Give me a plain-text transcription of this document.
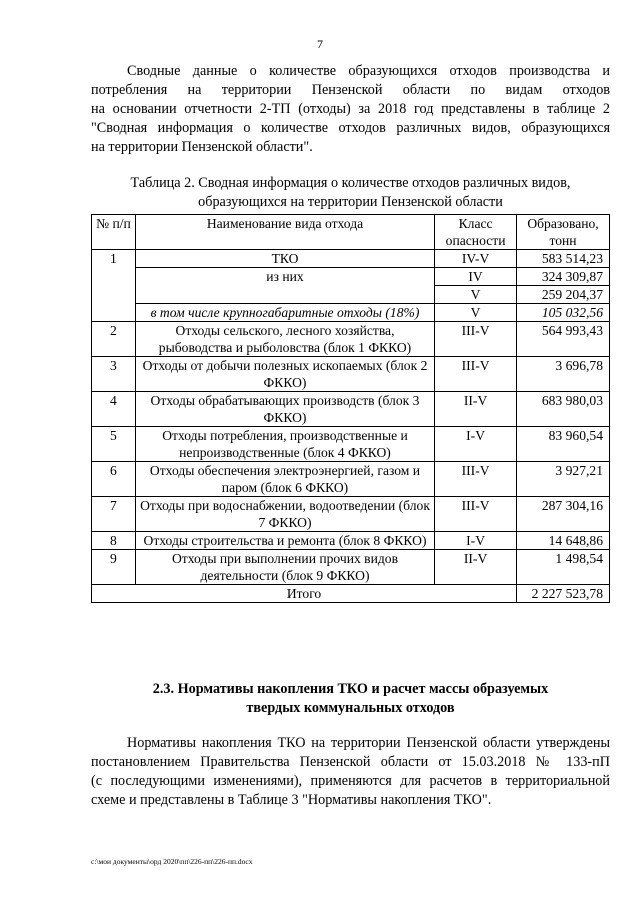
7
Сводные данные о количестве образующихся отходов производства и
потребления на территории Пензенской области по видам отходов
на основании отчетности 2-ТП (отходы) за 2018 год представлены в таблице 2
"Сводная информация о количестве отходов различных видов, образующихся
на территории Пензенской области".
Таблица 2. Сводная информация о количестве отходов различных видов,
образующихся на территории Пензенской области
№ п/п	Наименование вида отхода	Класс опасности	Образовано, тонн
1	ТКО	IV-V	583 514,23
	из них	IV	324 309,87
		V	259 204,37
	в том числе крупногабаритные отходы (18%)	V	105 032,56
2	Отходы сельского, лесного хозяйства, рыбоводства и рыболовства (блок 1 ФККО)	III-V	564 993,43
3	Отходы от добычи полезных ископаемых (блок 2 ФККО)	III-V	3 696,78
4	Отходы обрабатывающих производств (блок 3 ФККО)	II-V	683 980,03
5	Отходы потребления, производственные и непроизводственные (блок 4 ФККО)	I-V	83 960,54
6	Отходы обеспечения электроэнергией, газом и паром (блок 6 ФККО)	III-V	3 927,21
7	Отходы при водоснабжении, водоотведении (блок 7 ФККО)	III-V	287 304,16
8	Отходы строительства и ремонта (блок 8 ФККО)	I-V	14 648,86
9	Отходы при выполнении прочих видов деятельности (блок 9 ФККО)	II-V	1 498,54
Итого			2 227 523,78
2.3. Нормативы накопления ТКО и расчет массы образуемых
твердых коммунальных отходов
Нормативы накопления ТКО на территории Пензенской области утверждены
постановлением Правительства Пензенской области от 15.03.2018 № 133-пП
(с последующими изменениями), применяются для расчетов в территориальной
схеме и представлены в Таблице 3 "Нормативы накопления ТКО".
c:\мои документы\орд 2020\пп\226-пп\226-пп.docx
